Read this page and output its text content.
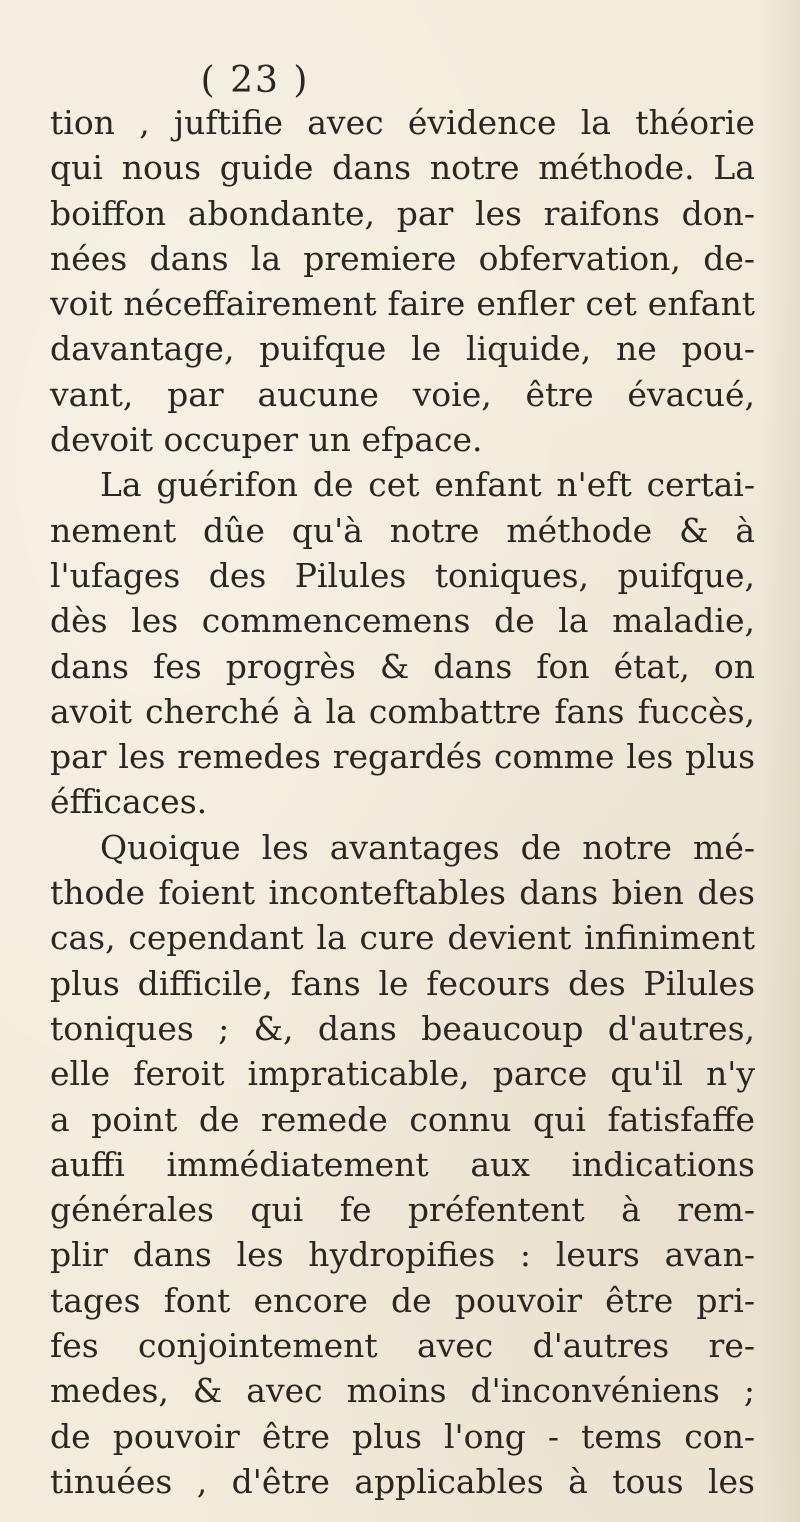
( 23 )
tion , juftifie avec évidence la théorie
qui nous guide dans notre méthode. La
boiffon abondante, par les raifons don-
nées dans la premiere obfervation, de-
voit néceffairement faire enfler cet enfant
davantage, puifque le liquide, ne pou-
vant, par aucune voie, être évacué,
devoit occuper un efpace.
La guérifon de cet enfant n'eft certai-
nement dûe qu'à notre méthode & à
l'ufages des Pilules toniques, puifque,
dès les commencemens de la maladie,
dans fes progrès & dans fon état, on
avoit cherché à la combattre fans fuccès,
par les remedes regardés comme les plus
éfficaces.
Quoique les avantages de notre mé-
thode foient inconteftables dans bien des
cas, cependant la cure devient infiniment
plus difficile, fans le fecours des Pilules
toniques ; &, dans beaucoup d'autres,
elle feroit impraticable, parce qu'il n'y
a point de remede connu qui fatisfaffe
auffi immédiatement aux indications
générales qui fe préfentent à rem-
plir dans les hydropifies : leurs avan-
tages font encore de pouvoir être pri-
fes conjointement avec d'autres re-
medes, & avec moins d'inconvéniens ;
de pouvoir être plus l'ong - tems con-
tinuées , d'être applicables à tous les
